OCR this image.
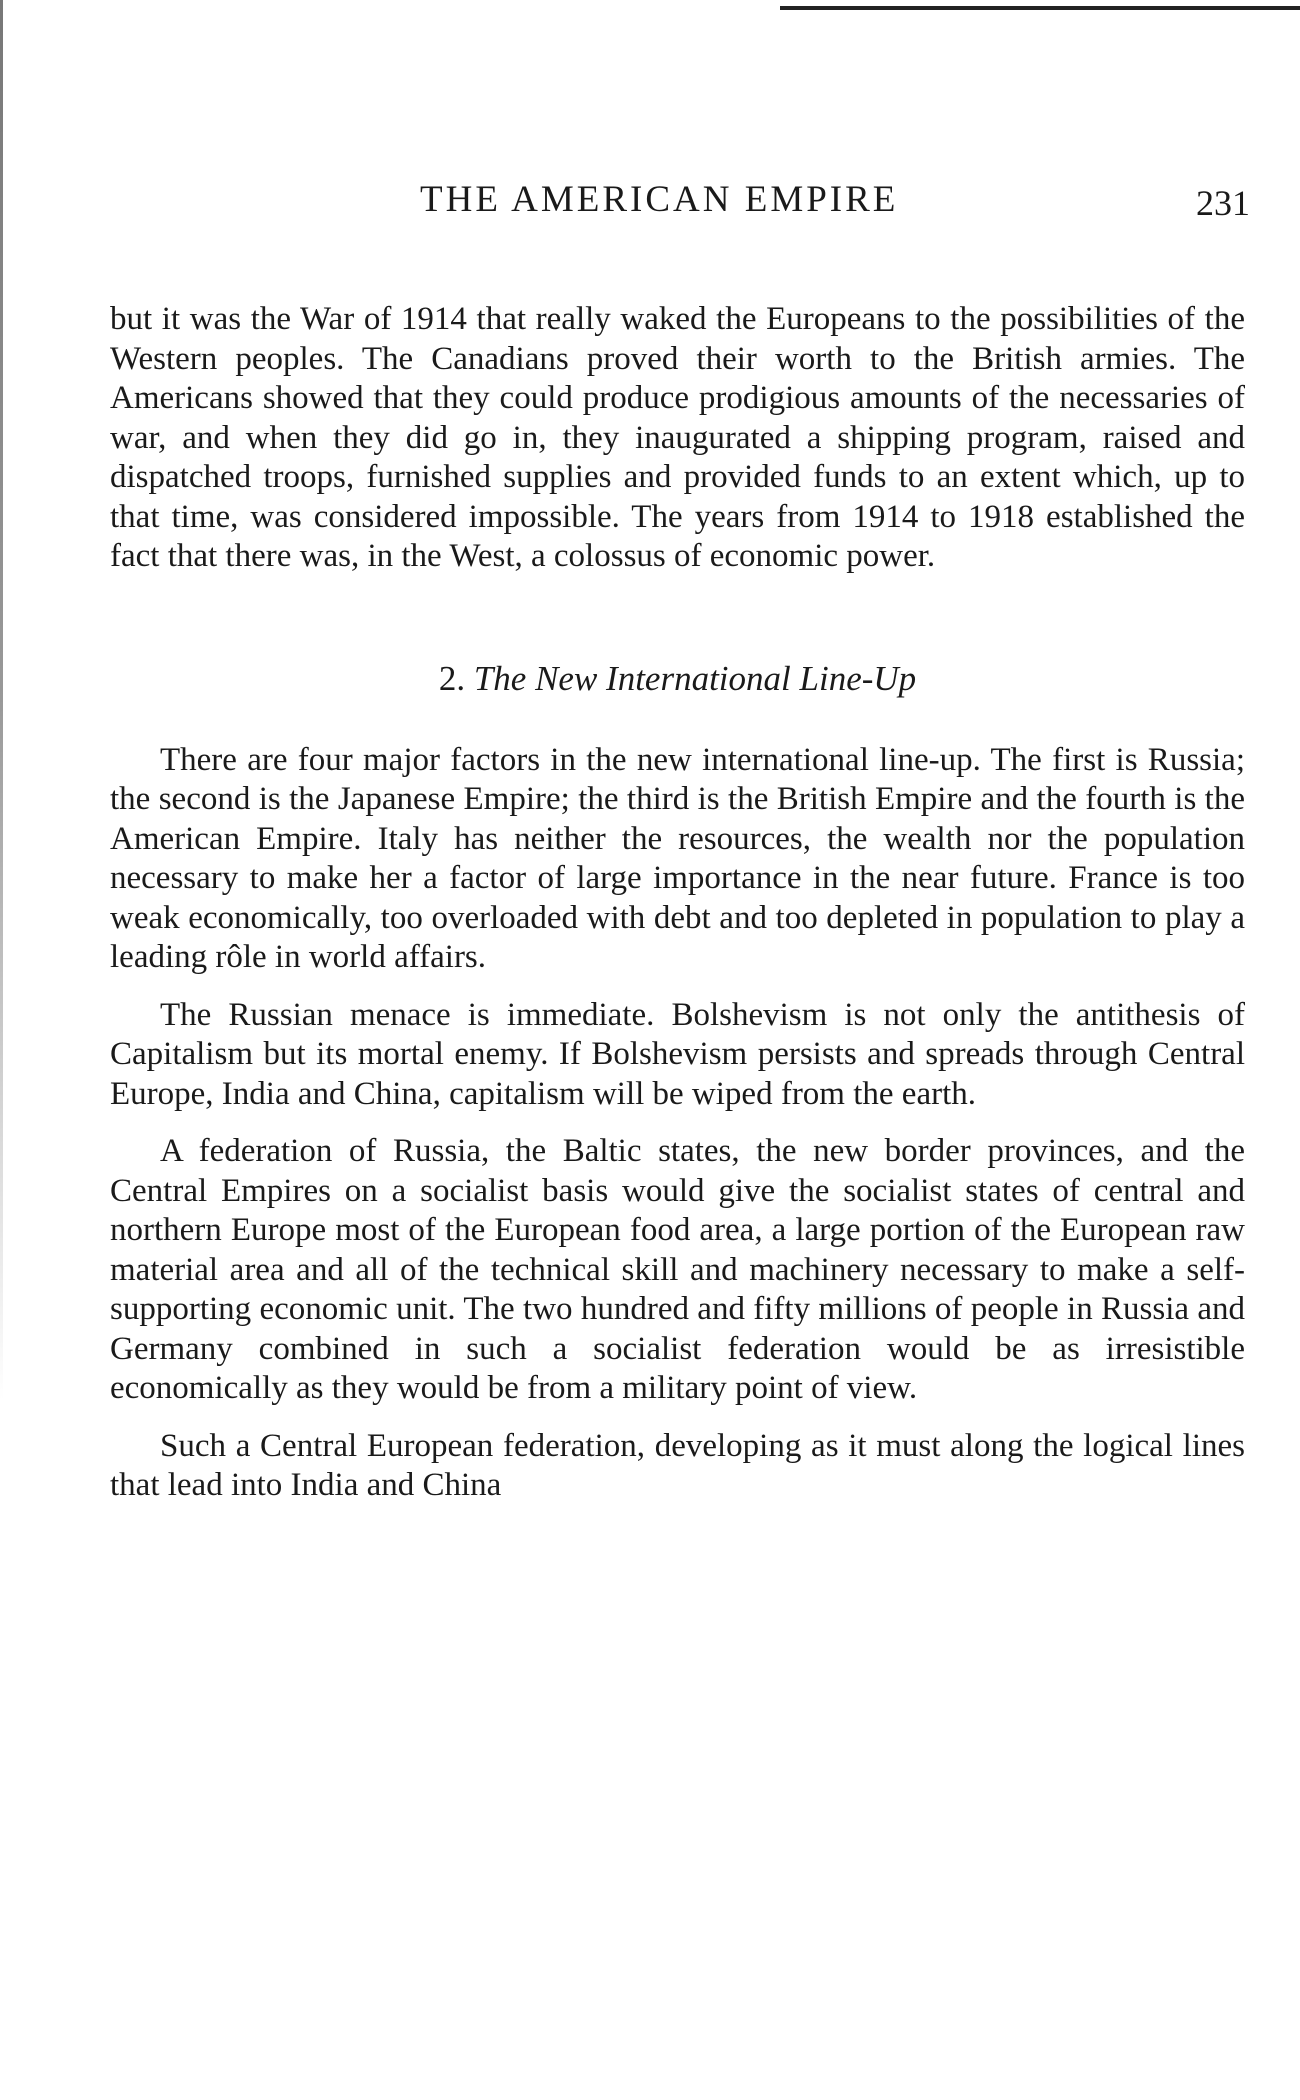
THE AMERICAN EMPIRE	231

but it was the War of 1914 that really waked the Europeans to the possibilities of the Western peoples. The Canadians proved their worth to the British armies. The Americans showed that they could produce prodigious amounts of the necessaries of war, and when they did go in, they inaugurated a shipping program, raised and dispatched troops, furnished supplies and provided funds to an extent which, up to that time, was considered impossible. The years from 1914 to 1918 established the fact that there was, in the West, a colossus of economic power.

2. The New International Line-Up

There are four major factors in the new international line-up. The first is Russia; the second is the Japanese Empire; the third is the British Empire and the fourth is the American Empire. Italy has neither the resources, the wealth nor the population necessary to make her a factor of large importance in the near future. France is too weak economically, too overloaded with debt and too depleted in population to play a leading rôle in world affairs.

The Russian menace is immediate. Bolshevism is not only the antithesis of Capitalism but its mortal enemy. If Bolshevism persists and spreads through Central Europe, India and China, capitalism will be wiped from the earth.

A federation of Russia, the Baltic states, the new border provinces, and the Central Empires on a socialist basis would give the socialist states of central and northern Europe most of the European food area, a large portion of the European raw material area and all of the technical skill and machinery necessary to make a self-supporting economic unit. The two hundred and fifty millions of people in Russia and Germany combined in such a socialist federation would be as irresistible economically as they would be from a military point of view.

Such a Central European federation, developing as it must along the logical lines that lead into India and China
